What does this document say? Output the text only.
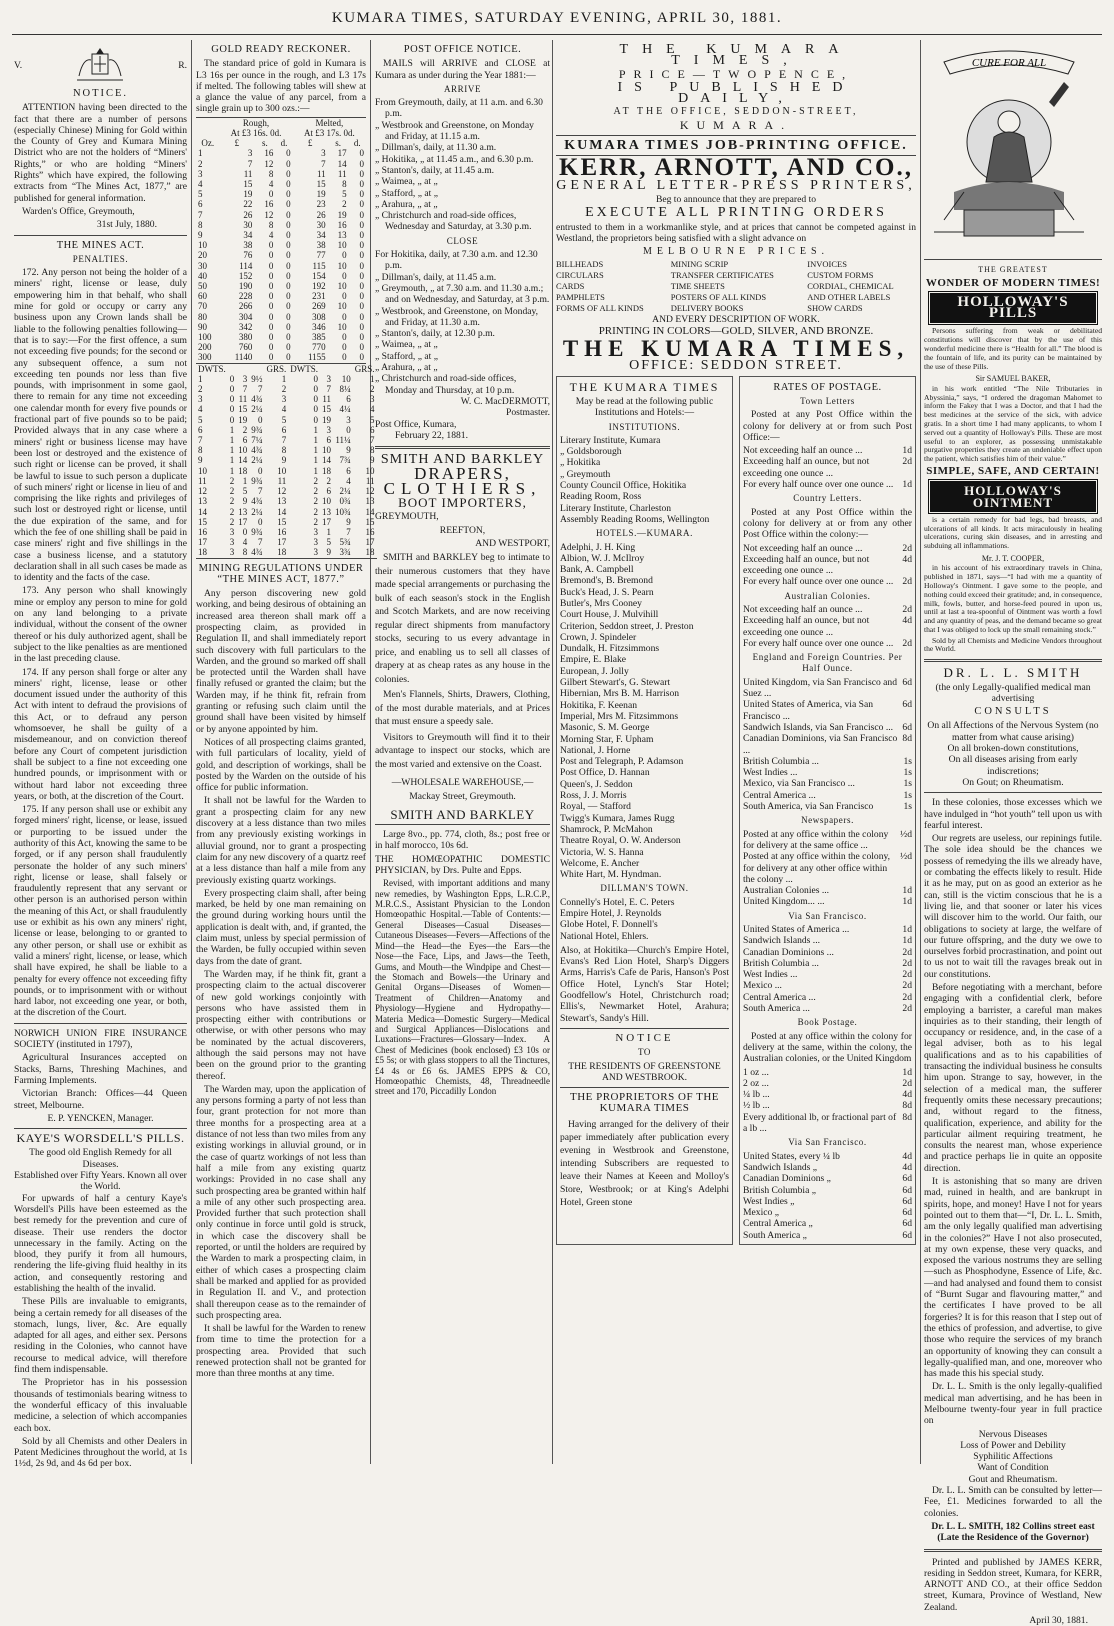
KUMARA TIMES, SATURDAY EVENING, APRIL 30, 1881.
V.	R.
NOTICE.

ATTENTION having been directed to the fact that there are a number of persons (especially Chinese) Mining for Gold within the County of Grey and Kumara Mining District who are not the holders of “Miners' Rights,” or who are holding “Miners' Rights” which have expired, the following extracts from “The Mines Act, 1877,” are published for general information.

Warden's Office, Greymouth,

31st July, 1880.

THE MINES ACT.
PENALTIES.

172. Any person not being the holder of a miners' right, license or lease, duly empowering him in that behalf, who shall mine for gold or occupy or carry any business upon any Crown lands shall be liable to the following penalties following—that is to say:—For the first offence, a sum not exceeding five pounds; for the second or any subsequent offence, a sum not exceeding ten pounds nor less than five pounds, with imprisonment in some gaol, there to remain for any time not exceeding one calendar month for every five pounds or fractional part of five pounds so to be paid; Provided always that in any case where a miners' right or business license may have been lost or destroyed and the existence of such right or license can be proved, it shall be lawful to issue to such person a duplicate of such miners' right or license in lieu of and comprising the like rights and privileges of such lost or destroyed right or license, until the due expiration of the same, and for which the fee of one shilling shall be paid in case miners' right and five shillings in the case a business license, and a statutory declaration shall in all such cases be made as to identity and the facts of the case.

173. Any person who shall knowingly mine or employ any person to mine for gold on any land belonging to a private individual, without the consent of the owner thereof or his duly authorized agent, shall be subject to the like penalties as are mentioned in the last preceding clause.

174. If any person shall forge or alter any miners' right, license, lease or other document issued under the authority of this Act with intent to defraud the provisions of this Act, or to defraud any person whomsoever, he shall be guilty of a misdemeanour, and on conviction thereof before any Court of competent jurisdiction shall be subject to a fine not exceeding one hundred pounds, or imprisonment with or without hard labor not exceeding three years, or both, at the discretion of the Court.

175. If any person shall use or exhibit any forged miners' right, license, or lease, issued or purporting to be issued under the authority of this Act, knowing the same to be forged, or if any person shall fraudulently personate the holder of any such miners' right, license or lease, shall falsely or fraudulently represent that any servant or other person is an authorised person within the meaning of this Act, or shall fraudulently use or exhibit as his own any miners' right, license or lease, belonging to or granted to any other person, or shall use or exhibit as valid a miners' right, license, or lease, which shall have expired, he shall be liable to a penalty for every offence not exceeding fifty pounds, or to imprisonment with or without hard labor, not exceeding one year, or both, at the discretion of the Court.

NORWICH UNION FIRE INSURANCE SOCIETY (instituted in 1797),

Agricultural Insurances accepted on Stacks, Barns, Threshing Machines, and Farming Implements.

Victorian Branch: Offices—44 Queen street, Melbourne.

E. P. YENCKEN, Manager.

KAYE'S WORSDELL'S PILLS.

The good old English Remedy for all Diseases.

Established over Fifty Years. Known all over the World.

For upwards of half a century Kaye's Worsdell's Pills have been esteemed as the best remedy for the prevention and cure of disease. Their use renders the doctor unnecessary in the family. Acting on the blood, they purify it from all humours, rendering the life-giving fluid healthy in its action, and consequently restoring and establishing the health of the invalid.

These Pills are invaluable to emigrants, being a certain remedy for all diseases of the stomach, lungs, liver, &c. Are equally adapted for all ages, and either sex. Persons residing in the Colonies, who cannot have recourse to medical advice, will therefore find them indispensable.

The Proprietor has in his possession thousands of testimonials bearing witness to the wonderful efficacy of this invaluable medicine, a selection of which accompanies each box.

Sold by all Chemists and other Dealers in Patent Medicines throughout the world, at 1s 1½d, 2s 9d, and 4s 6d per box.

GOLD READY RECKONER.

The standard price of gold in Kumara is L3 16s per ounce in the rough, and L3 17s if melted. The following tables will shew at a glance the value of any parcel, from a single grain up to 300 ozs.:—

	Rough,
At £3 16s. 0d.			Melted,
At £3 17s. 0d.		
Oz.	£	s.	d.	£	s.	d.
1	3	16	0	3	17	0
2	7	12	0	7	14	0
3	11	8	0	11	11	0
4	15	4	0	15	8	0
5	19	0	0	19	5	0
6	22	16	0	23	2	0
7	26	12	0	26	19	0
8	30	8	0	30	16	0
9	34	4	0	34	13	0
10	38	0	0	38	10	0
20	76	0	0	77	0	0
30	114	0	0	115	10	0
40	152	0	0	154	0	0
50	190	0	0	192	10	0
60	228	0	0	231	0	0
70	266	0	0	269	10	0
80	304	0	0	308	0	0
90	342	0	0	346	10	0
100	380	0	0	385	0	0
200	760	0	0	770	0	0
300	1140	0	0	1155	0	0
DWTS.				GRS.	DWTS.			GRS.
1	0	3	9½	1	0	3	10	1
2	0	7	7	2	0	7	8¼	2
3	0	11	4¾	3	0	11	6	3
4	0	15	2¼	4	0	15	4¼	4
5	0	19	0	5	0	19	3	5
6	1	2	9¾	6	1	3	0	6
7	1	6	7¼	7	1	6	11¼	7
8	1	10	4¾	8	1	10	9	8
9	1	14	2¼	9	1	14	7¾	9
10	1	18	0	10	1	18	6	10
11	2	1	9¾	11	2	2	4	11
12	2	5	7	12	2	6	2¼	12
13	2	9	4¾	13	2	10	0¾	13
14	2	13	2¼	14	2	13	10¾	14
15	2	17	0	15	2	17	9	15
16	3	0	9¾	16	3	1	7	16
17	3	4	7	17	3	5	5¾	17
18	3	8	4¾	18	3	9	3¾	18
MINING REGULATIONS UNDER “THE MINES ACT, 1877.”

Any person discovering new gold working, and being desirous of obtaining an increased area thereon shall mark off a prospecting claim, as provided in Regulation II, and shall immediately report such discovery with full particulars to the Warden, and the ground so marked off shall be protected until the Warden shall have finally refused or granted the claim; but the Warden may, if he think fit, refrain from granting or refusing such claim until the ground shall have been visited by himself or by anyone appointed by him.

Notices of all prospecting claims granted, with full particulars of locality, yield of gold, and description of workings, shall be posted by the Warden on the outside of his office for public information.

It shall not be lawful for the Warden to grant a prospecting claim for any new discovery at a less distance than two miles from any previously existing workings in alluvial ground, nor to grant a prospecting claim for any new discovery of a quartz reef at a less distance than half a mile from any previously existing quartz workings.

Every prospecting claim shall, after being marked, be held by one man remaining on the ground during working hours until the application is dealt with, and, if granted, the claim must, unless by special permission of the Warden, be fully occupied within seven days from the date of grant.

The Warden may, if he think fit, grant a prospecting claim to the actual discoverer of new gold workings conjointly with persons who have assisted them in prospecting either with contributions or otherwise, or with other persons who may be nominated by the actual discoverers, although the said persons may not have been on the ground prior to the granting thereof.

The Warden may, upon the application of any persons forming a party of not less than four, grant protection for not more than three months for a prospecting area at a distance of not less than two miles from any existing workings in alluvial ground, or in the case of quartz workings of not less than half a mile from any existing quartz workings: Provided in no case shall any such prospecting area be granted within half a mile of any other such prospecting area. Provided further that such protection shall only continue in force until gold is struck, in which case the discovery shall be reported, or until the holders are required by the Warden to mark a prospecting claim, in either of which cases a prospecting claim shall be marked and applied for as provided in Regulation II. and V., and protection shall thereupon cease as to the remainder of such prospecting area.

It shall be lawful for the Warden to renew from time to time the protection for a prospecting area. Provided that such renewed protection shall not be granted for more than three months at any time.

POST OFFICE NOTICE.

MAILS will ARRIVE and CLOSE at Kumara as under during the Year 1881:—

ARRIVE

From Greymouth, daily, at 11 a.m. and 6.30 p.m.

„ Westbrook and Greenstone, on Monday and Friday, at 11.15 a.m.

„ Dillman's, daily, at 11.30 a.m.

„ Hokitika, „ at 11.45 a.m., and 6.30 p.m.

„ Stanton's, daily, at 11.45 a.m.

„ Waimea, „ at „

„ Stafford, „ at „

„ Arahura, „ at „

„ Christchurch and road-side offices, Wednesday and Saturday, at 3.30 p.m.

CLOSE

For Hokitika, daily, at 7.30 a.m. and 12.30 p.m.

„ Dillman's, daily, at 11.45 a.m.

„ Greymouth, „ at 7.30 a.m. and 11.30 a.m.; and on Wednesday, and Saturday, at 3 p.m.

„ Westbrook, and Greenstone, on Monday, and Friday, at 11.30 a.m.

„ Stanton's, daily, at 12.30 p.m.

„ Waimea, „ at „

„ Stafford, „ at „

„ Arahura, „ at „

„ Christchurch and road-side offices, Monday and Thursday, at 10 p.m.

W. C. MacDERMOTT,

Postmaster.

Post Office, Kumara,

February 22, 1881.

SMITH AND BARKLEY
DRAPERS,
CLOTHIERS,
BOOT IMPORTERS,

GREYMOUTH,

REEFTON,

AND WESTPORT,

SMITH and BARKLEY beg to intimate to their numerous customers that they have made special arrangements or purchasing the bulk of each season's stock in the English and Scotch Markets, and are now receiving regular direct shipments from manufactory stocks, securing to us every advantage in price, and enabling us to sell all classes of drapery at as cheap rates as any house in the colonies.

Men's Flannels, Shirts, Drawers, Clothing, of the most durable materials, and at Prices that must ensure a speedy sale.

Visitors to Greymouth will find it to their advantage to inspect our stocks, which are the most varied and extensive on the Coast.

—WHOLESALE WAREHOUSE,—

Mackay Street, Greymouth.

SMITH AND BARKLEY

Large 8vo., pp. 774, cloth, 8s.; post free or in half morocco, 10s 6d.

THE HOMŒOPATHIC DOMESTIC PHYSICIAN, by Drs. Pulte and Epps.

Revised, with important additions and many new remedies, by Washington Epps, L.R.C.P., M.R.C.S., Assistant Physician to the London Homœopathic Hospital.—Table of Contents:—General Diseases—Casual Diseases—Cutaneous Diseases—Fevers—Affections of the Mind—the Head—the Eyes—the Ears—the Nose—the Face, Lips, and Jaws—the Teeth, Gums, and Mouth—the Windpipe and Chest—the Stomach and Bowels—the Urinary and Genital Organs—Diseases of Women—Treatment of Children—Anatomy and Physiology—Hygiene and Hydropathy—Materia Medica—Domestic Surgery—Medical and Surgical Appliances—Dislocations and Luxations—Fractures—Glossary—Index. A Chest of Medicines (book enclosed) £3 10s or £5 5s; or with glass stoppers to all the Tinctures, £4 4s or £6 6s. JAMES EPPS & CO, Homœopathic Chemists, 48, Threadneedle street and 170, Piccadilly London

THE KUMARA TIMES,
PRICE—TWOPENCE,
IS PUBLISHED DAILY,
AT THE OFFICE, SEDDON-STREET,
KUMARA.
KUMARA TIMES JOB-PRINTING OFFICE.
KERR, ARNOTT, AND CO.,
GENERAL LETTER-PRESS PRINTERS,

Beg to announce that they are prepared to

EXECUTE ALL PRINTING ORDERS

entrusted to them in a workmanlike style, and at prices that cannot be competed against in Westland, the proprietors being satisfied with a slight advance on

MELBOURNE PRICES.
BILLHEADS	MINING SCRIP	INVOICES
CIRCULARS	TRANSFER CERTIFICATES	CUSTOM FORMS
CARDS	TIME SHEETS	CORDIAL, CHEMICAL
PAMPHLETS	POSTERS OF ALL KINDS	AND OTHER LABELS
FORMS OF ALL KINDS	DELIVERY BOOKS	SHOW CARDS

AND EVERY DESCRIPTION OF WORK.

PRINTING IN COLORS—GOLD, SILVER, AND BRONZE.

THE KUMARA TIMES,
OFFICE: SEDDON STREET.
THE KUMARA TIMES

May be read at the following public Institutions and Hotels:—

INSTITUTIONS.

Literary Institute, Kumara

„ Goldsborough

„ Hokitika

„ Greymouth

County Council Office, Hokitika

Reading Room, Ross

Literary Institute, Charleston

Assembly Reading Rooms, Wellington

HOTELS.—KUMARA.

Adelphi, J. H. King

Albion, W. J. McIlroy

Bank, A. Campbell

Bremond's, B. Bremond

Buck's Head, J. S. Pearn

Butler's, Mrs Cooney

Court House, J. Mulvihill

Criterion, Seddon street, J. Preston

Crown, J. Spindeler

Dundalk, H. Fitzsimmons

Empire, E. Blake

European, J. Jolly

Gilbert Stewart's, G. Stewart

Hibernian, Mrs B. M. Harrison

Hokitika, F. Keenan

Imperial, Mrs M. Fitzsimmons

Masonic, S. M. George

Morning Star, F. Upham

National, J. Horne

Post and Telegraph, P. Adamson

Post Office, D. Hannan

Queen's, J. Seddon

Ross, J. J. Morris

Royal, — Stafford

Twigg's Kumara, James Rugg

Shamrock, P. McMahon

Theatre Royal, O. W. Anderson

Victoria, W. S. Hanna

Welcome, E. Ancher

White Hart, M. Hyndman.

DILLMAN'S TOWN.

Connelly's Hotel, E. C. Peters

Empire Hotel, J. Reynolds

Globe Hotel, F. Donnell's

National Hotel, Ehlers.

Also, at Hokitika—Church's Empire Hotel, Evans's Red Lion Hotel, Sharp's Diggers Arms, Harris's Cafe de Paris, Hanson's Post Office Hotel, Lynch's Star Hotel; Goodfellow's Hotel, Christchurch road; Ellis's, Newmarket Hotel, Arahura; Stewart's, Sandy's Hill.

NOTICE
TO

THE RESIDENTS OF GREENSTONE AND WESTBROOK.

THE PROPRIETORS OF THE KUMARA TIMES

Having arranged for the delivery of their paper immediately after publication every evening in Westbrook and Greenstone, intending Subscribers are requested to leave their Names at Keeen and Molloy's Store, Westbrook; or at King's Adelphi Hotel, Green stone

RATES OF POSTAGE.
Town Letters

Posted at any Post Office within the colony for delivery at or from such Post Office:—

Not exceeding half an ounce ...	1d
Exceeding half an ounce, but not exceeding one ounce ...
2d
For every half ounce over one ounce ... 1d
Country Letters.

Posted at any Post Office within the colony for delivery at or from any other Post Office within the colony:—

Not exceeding half an ounce ...	2d
Exceeding half an ounce, but not exceeding one ounce ...
4d
For every half ounce over one ounce ... 2d
Australian Colonies.
Not exceeding half an ounce ...	2d
Exceeding half an ounce, but not exceeding one ounce ...
4d
For every half ounce over one ounce ... 2d
England and Foreign Countries. Per Half Ounce.
United Kingdom, via San Francisco and Suez ...
6d
United States of America, via San Francisco ...
6d
Sandwich Islands, via San Francisco ... 6d
Canadian Dominions, via San Francisco ...
8d
British Columbia ...	1s
West Indies ...	1s
Mexico, via San Francisco ...	1s
Central America ...	1s
South America, via San Francisco	1s
Newspapers.
Posted at any office within the colony for delivery at the same office ...
½d
Posted at any office within the colony, for delivery at any other office within the colony ...
½d
Australian Colonies ...	1d
United Kingdom... ...	1d
Via San Francisco.
United States of America ...	1d
Sandwich Islands ...	1d
Canadian Dominions ...	2d
British Columbia ...	2d
West Indies ...	2d
Mexico ...	2d
Central America ...	2d
South America ...	2d
Book Postage.

Posted at any office within the colony for delivery at the same, within the colony, the Australian colonies, or the United Kingdom

1 oz ...	1d
2 oz ...	2d
¼ lb ...	4d
½ lb ...	8d
Every additional lb, or fractional part of a lb ...
8d
Via San Francisco.
United States, every ¼ lb	4d
Sandwich Islands „	4d
Canadian Dominions „	6d
British Columbia „	6d
West Indies „	6d
Mexico „	6d
Central America „	6d
South America „	6d
CURE FOR ALL

THE GREATEST

WONDER OF MODERN TIMES!
HOLLOWAY'S PILLS

Persons suffering from weak or debilitated constitutions will discover that by the use of this wonderful medicine there is “Health for all.” The blood is the fountain of life, and its purity can be maintained by the use of these Pills.

Sir SAMUEL BAKER,

in his work entitled “The Nile Tributaries in Abyssinia,” says, “I ordered the dragoman Mahomet to inform the Fakey that I was a Doctor, and that I had the best medicines at the service of the sick, with advice gratis. In a short time I had many applicants, to whom I served out a quantity of Holloway's Pills. These are most useful to an explorer, as possessing unmistakable purgative properties they create an undeniable effect upon the patient, which satisfies him of their value.”

SIMPLE, SAFE, AND CERTAIN!
HOLLOWAY'S OINTMENT

is a certain remedy for bad legs, bad breasts, and ulcerations of all kinds. It acts miraculously in healing ulcerations, curing skin diseases, and in arresting and subduing all inflammations.

Mr. J. T. COOPER,

in his account of his extraordinary travels in China, published in 1871, says—“I had with me a quantity of Holloway's Ointment. I gave some to the people, and nothing could exceed their gratitude; and, in consequence, milk, fowls, butter, and horse-feed poured in upon us, until at last a tea-spoonful of Ointment was worth a fowl and any quantity of peas, and the demand became so great that I was obliged to lock up the small remaining stock.”

Sold by all Chemists and Medicine Vendors throughout the World.

DR. L. L. SMITH

(the only Legally-qualified medical man advertising

CONSULTS

On all Affections of the Nervous System (no matter from what cause arising)

On all broken-down constitutions,

On all diseases arising from early indiscretions;

On Gout; on Rheumatism.

In these colonies, those excesses which we have indulged in “hot youth” tell upon us with fearful interest.

Our regrets are useless, our repinings futile. The sole idea should be the chances we possess of remedying the ills we already have, or combating the effects likely to result. Hide it as he may, put on as good an exterior as he can, still is the victim conscious that he is a living lie, and that sooner or later his vices will discover him to the world. Our faith, our obligations to society at large, the welfare of our future offspring, and the duty we owe to ourselves forbid procrastination, and point out to us not to wait till the ravages break out in our constitutions.

Before negotiating with a merchant, before engaging with a confidential clerk, before employing a barrister, a careful man makes inquiries as to their standing, their length of occupancy or residence, and, in the case of a legal adviser, both as to his legal qualifications and as to his capabilities of transacting the individual business he consults him upon. Strange to say, however, in the selection of a medical man, the sufferer frequently omits these necessary precautions; and, without regard to the fitness, qualification, experience, and ability for the particular ailment requiring treatment, he consults the nearest man, whose experience and practice perhaps lie in quite an opposite direction.

It is astonishing that so many are driven mad, ruined in health, and are bankrupt in spirits, hope, and money! Have I not for years pointed out to them that—“I, Dr. L. L. Smith, am the only legally qualified man advertising in the colonies?” Have I not also prosecuted, at my own expense, these very quacks, and exposed the various nostrums they are selling—such as Phosphodyne, Essence of Life, &c.—and had analysed and found them to consist of “Burnt Sugar and flavouring matter,” and the certificates I have proved to be all forgeries? It is for this reason that I step out of the ethics of profession, and advertise, to give those who require the services of my branch an opportunity of knowing they can consult a legally-qualified man, and one, moreover who has made this his special study.

Dr. L. L. Smith is the only legally-qualified medical man advertising, and he has been in Melbourne twenty-four year in full practice on

Nervous Diseases

Loss of Power and Debility

Syphilitic Affections

Want of Condition

Gout and Rheumatism.

Dr. L. L. Smith can be consulted by letter—Fee, £1. Medicines forwarded to all the colonies.

Dr. L. L. SMITH, 182 Collins street east (Late the Residence of the Governor)

Printed and published by JAMES KERR, residing in Seddon street, Kumara, for KERR, ARNOTT AND CO., at their office Seddon street, Kumara, Province of Westland, New Zealand.

April 30, 1881.
